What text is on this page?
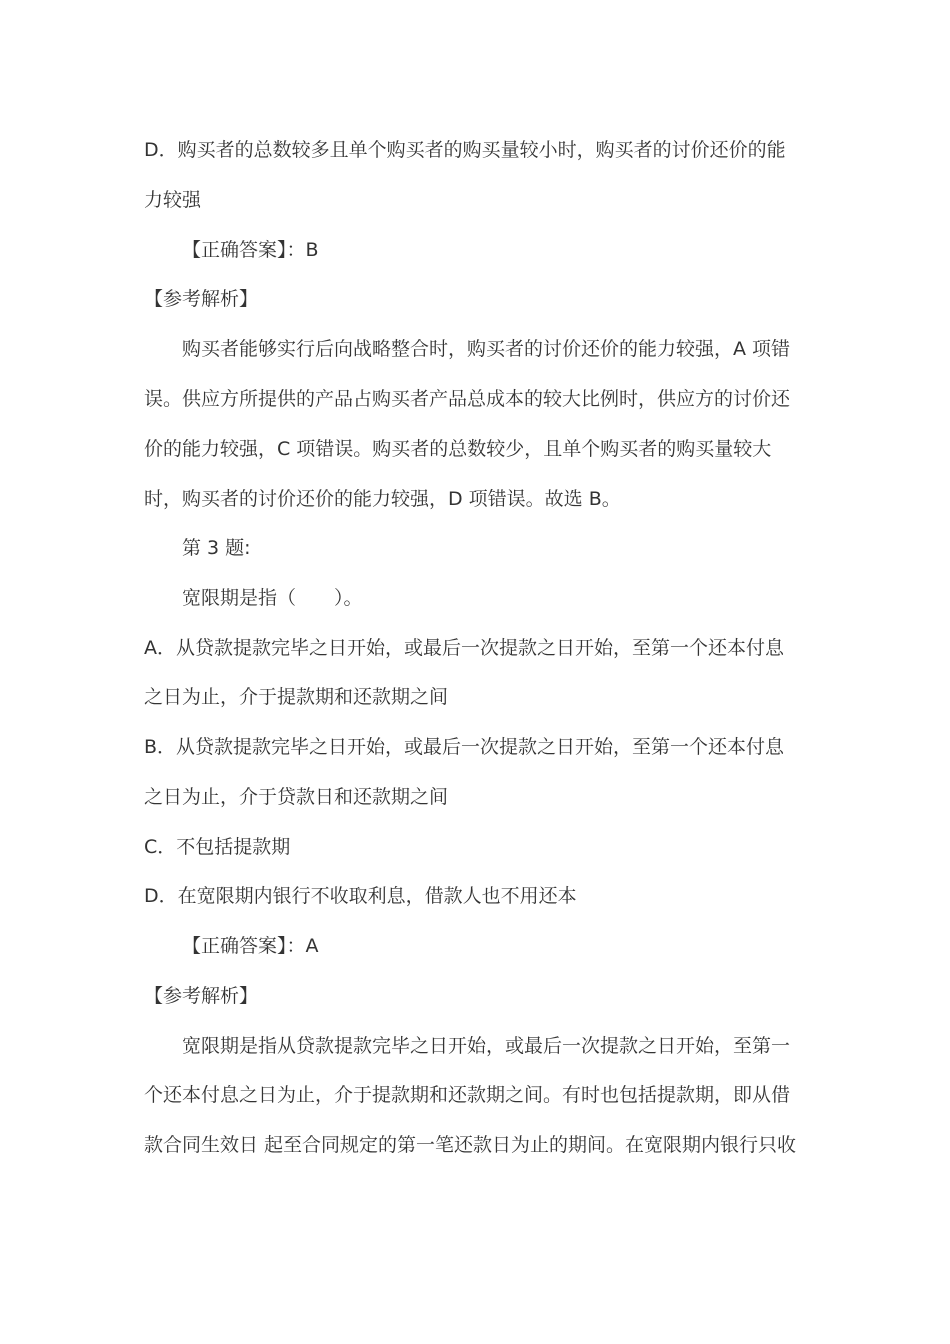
D．购买者的总数较多且单个购买者的购买量较小时，购买者的讨价还价的能
力较强
【正确答案】：B
【参考解析】
购买者能够实行后向战略整合时，购买者的讨价还价的能力较强，A 项错
误。供应方所提供的产品占购买者产品总成本的较大比例时，供应方的讨价还
价的能力较强，C 项错误。购买者的总数较少，且单个购买者的购买量较大
时，购买者的讨价还价的能力较强，D 项错误。故选 B。
第 3 题:
宽限期是指（　　）。
A．从贷款提款完毕之日开始，或最后一次提款之日开始，至第一个还本付息
之日为止，介于提款期和还款期之间
B．从贷款提款完毕之日开始，或最后一次提款之日开始，至第一个还本付息
之日为止，介于贷款日和还款期之间
C．不包括提款期
D．在宽限期内银行不收取利息，借款人也不用还本
【正确答案】：A
【参考解析】
宽限期是指从贷款提款完毕之日开始，或最后一次提款之日开始，至第一
个还本付息之日为止，介于提款期和还款期之间。有时也包括提款期，即从借
款合同生效日 起至合同规定的第一笔还款日为止的期间。在宽限期内银行只收
